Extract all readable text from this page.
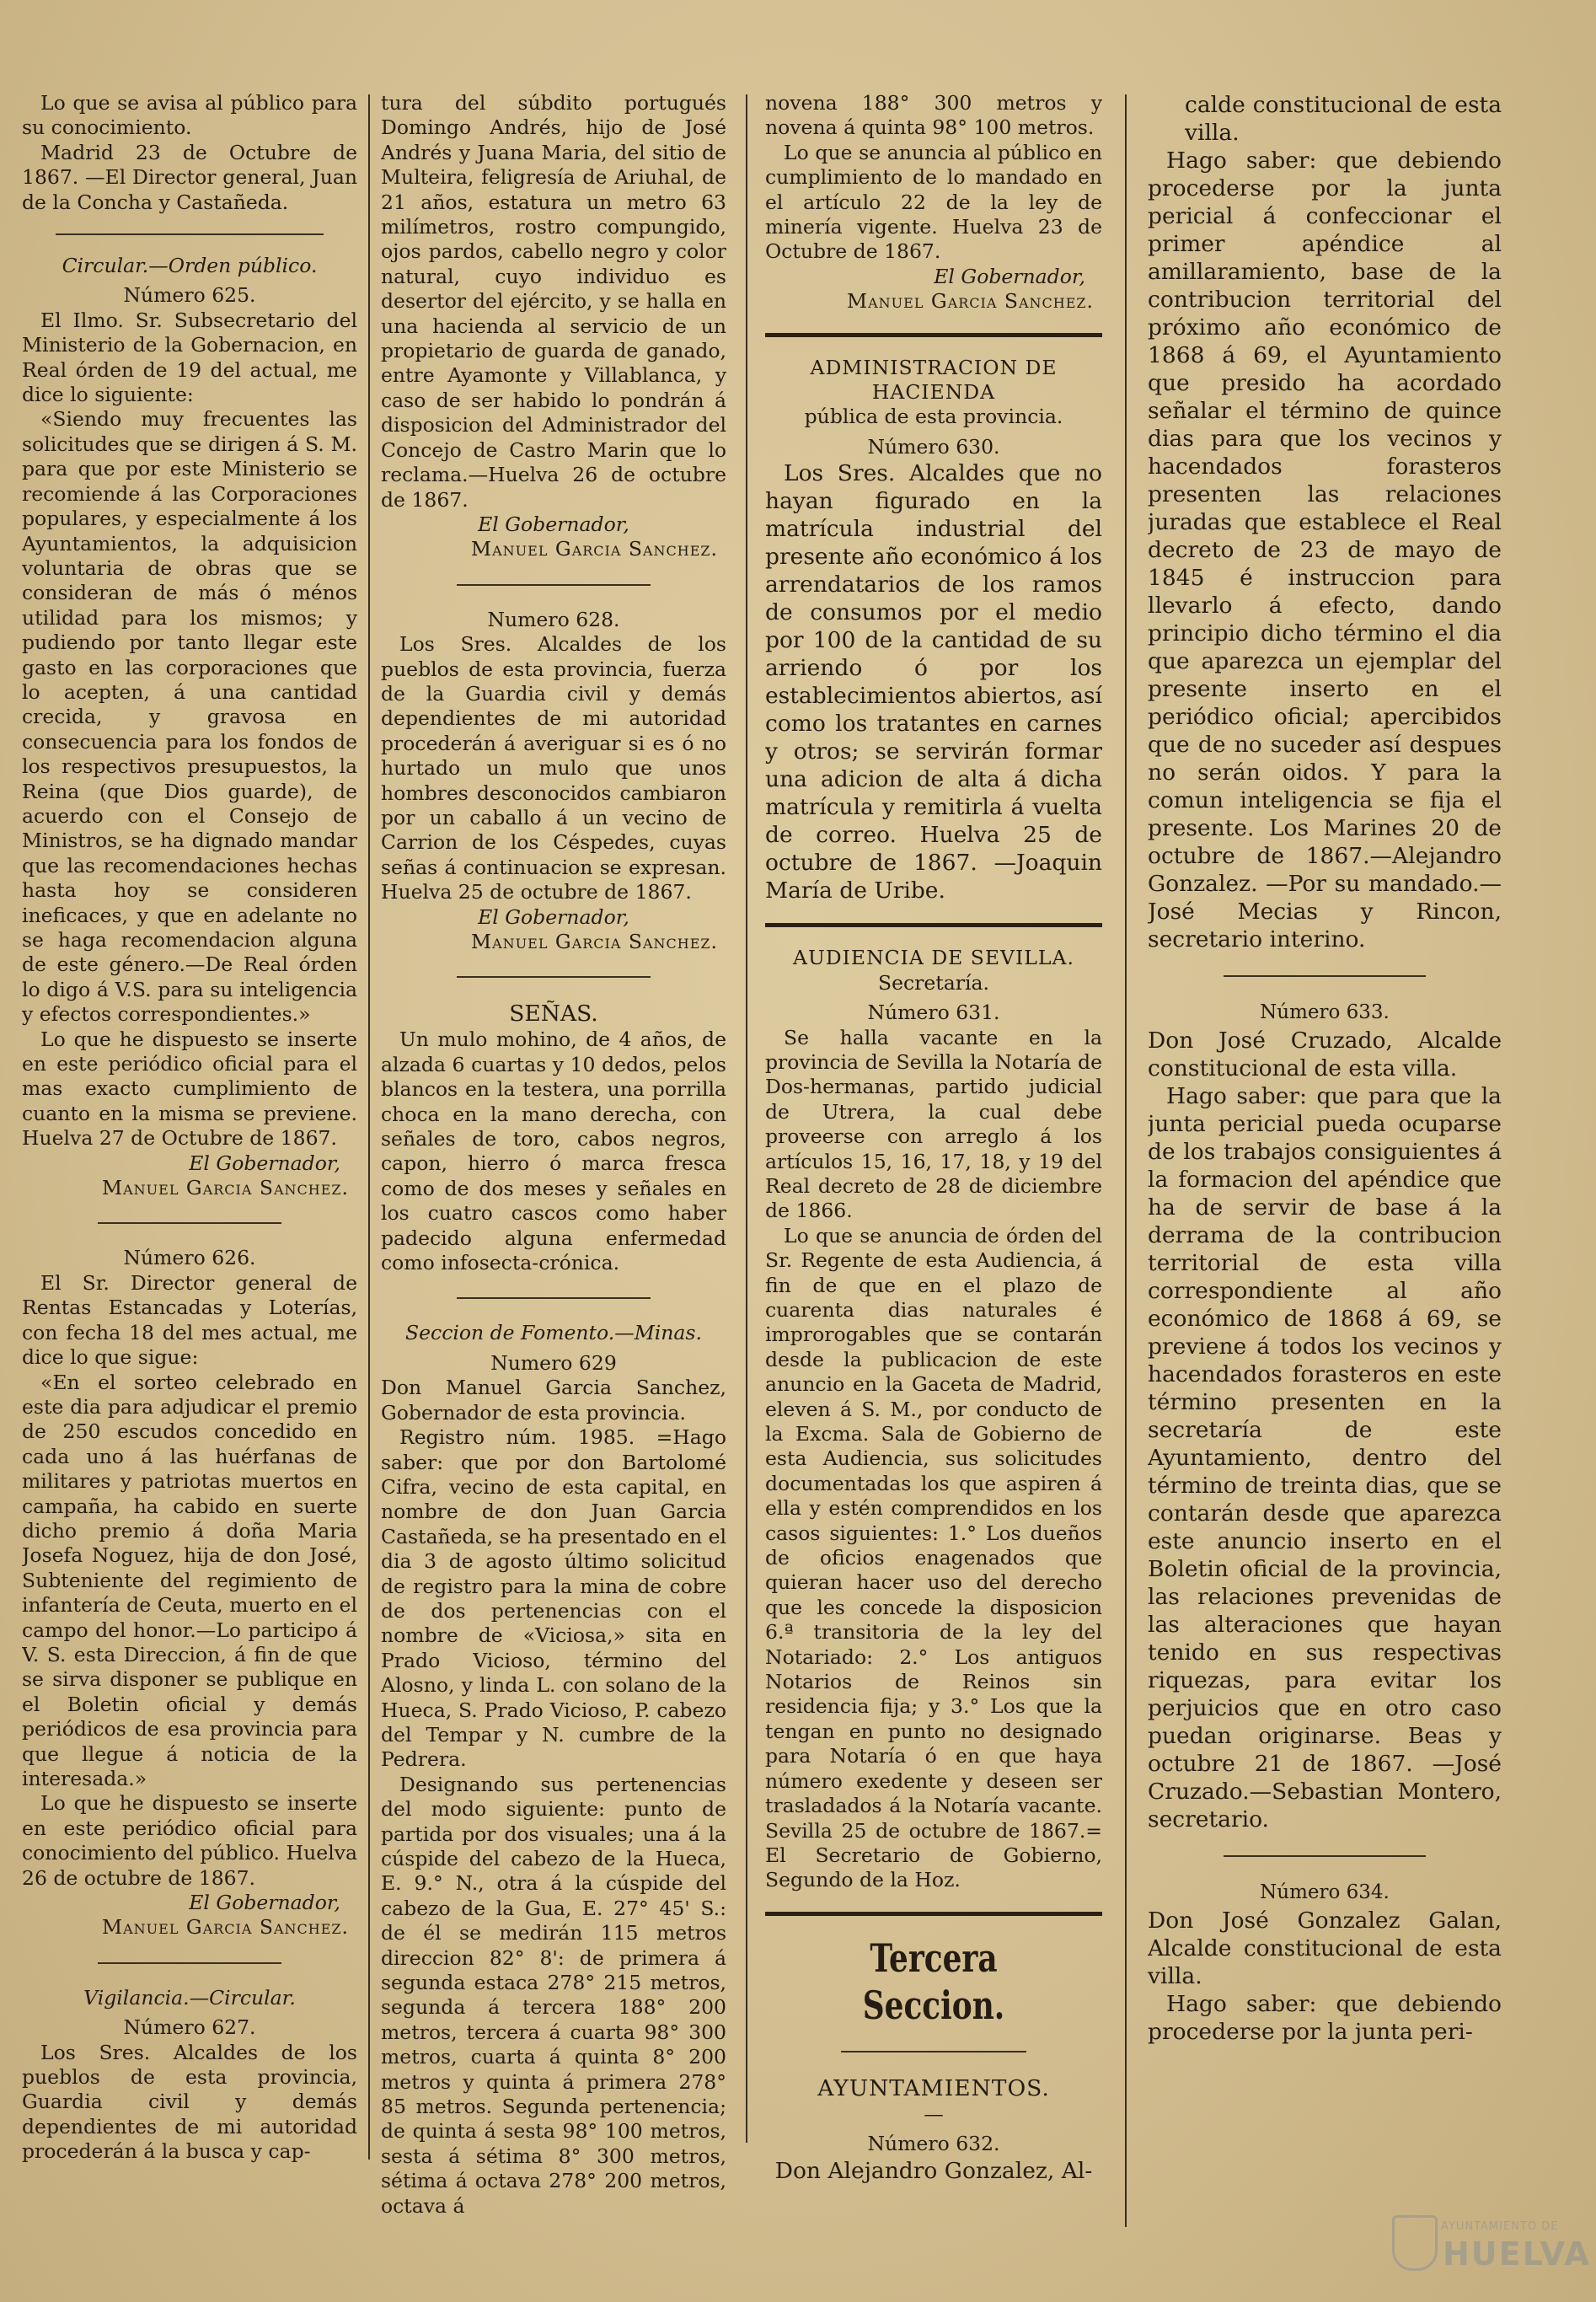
Lo que se avisa al público para su conocimiento.

Madrid 23 de Octubre de 1867. —El Director general, Juan de la Concha y Castañeda.

Circular.—Orden público.

Número 625.

El Ilmo. Sr. Subsecretario del Ministerio de la Gobernacion, en Real órden de 19 del actual, me dice lo siguiente:

«Siendo muy frecuentes las solicitudes que se dirigen á S. M. para que por este Ministerio se recomiende á las Corporaciones populares, y especialmente á los Ayuntamientos, la adquisicion voluntaria de obras que se consideran de más ó ménos utilidad para los mismos; y pudiendo por tanto llegar este gasto en las corporaciones que lo acepten, á una cantidad crecida, y gravosa en consecuencia para los fondos de los respectivos presupuestos, la Reina (que Dios guarde), de acuerdo con el Consejo de Ministros, se ha dignado mandar que las recomendaciones hechas hasta hoy se consideren ineficaces, y que en adelante no se haga recomendacion alguna de este género.—De Real órden lo digo á V.S. para su inteligencia y efectos correspondientes.»

Lo que he dispuesto se inserte en este periódico oficial para el mas exacto cumplimiento de cuanto en la misma se previene. Huelva 27 de Octubre de 1867.

El Gobernador,

Manuel Garcia Sanchez.

Número 626.

El Sr. Director general de Rentas Estancadas y Loterías, con fecha 18 del mes actual, me dice lo que sigue:

«En el sorteo celebrado en este dia para adjudicar el premio de 250 escudos concedido en cada uno á las huérfanas de militares y patriotas muertos en campaña, ha cabido en suerte dicho premio á doña Maria Josefa Noguez, hija de don José, Subteniente del regimiento de infantería de Ceuta, muerto en el campo del honor.—Lo participo á V. S. esta Direccion, á fin de que se sirva disponer se publique en el Boletin oficial y demás periódicos de esa provincia para que llegue á noticia de la interesada.»

Lo que he dispuesto se inserte en este periódico oficial para conocimiento del público. Huelva 26 de octubre de 1867.

El Gobernador,

Manuel Garcia Sanchez.

Vigilancia.—Circular.

Número 627.

Los Sres. Alcaldes de los pueblos de esta provincia, Guardia civil y demás dependientes de mi autoridad procederán á la busca y cap-

tura del súbdito portugués Domingo Andrés, hijo de José Andrés y Juana Maria, del sitio de Multeira, feligresía de Ariuhal, de 21 años, estatura un metro 63 milímetros, rostro compungido, ojos pardos, cabello negro y color natural, cuyo individuo es desertor del ejército, y se halla en una hacienda al servicio de un propietario de guarda de ganado, entre Ayamonte y Villablanca, y caso de ser habido lo pondrán á disposicion del Administrador del Concejo de Castro Marin que lo reclama.—Huelva 26 de octubre de 1867.

El Gobernador,

Manuel Garcia Sanchez.

Numero 628.

Los Sres. Alcaldes de los pueblos de esta provincia, fuerza de la Guardia civil y demás dependientes de mi autoridad procederán á averiguar si es ó no hurtado un mulo que unos hombres desconocidos cambiaron por un caballo á un vecino de Carrion de los Céspedes, cuyas señas á continuacion se expresan. Huelva 25 de octubre de 1867.

El Gobernador,

Manuel Garcia Sanchez.

SEÑAS.

Un mulo mohino, de 4 años, de alzada 6 cuartas y 10 dedos, pelos blancos en la testera, una porrilla choca en la mano derecha, con señales de toro, cabos negros, capon, hierro ó marca fresca como de dos meses y señales en los cuatro cascos como haber padecido alguna enfermedad como infosecta-crónica.

Seccion de Fomento.—Minas.

Numero 629

Don Manuel Garcia Sanchez, Gobernador de esta provincia.

Registro núm. 1985. =Hago saber: que por don Bartolomé Cifra, vecino de esta capital, en nombre de don Juan Garcia Castañeda, se ha presentado en el dia 3 de agosto último solicitud de registro para la mina de cobre de dos pertenencias con el nombre de «Viciosa,» sita en Prado Vicioso, término del Alosno, y linda L. con solano de la Hueca, S. Prado Vicioso, P. cabezo del Tempar y N. cumbre de la Pedrera.

Designando sus pertenencias del modo siguiente: punto de partida por dos visuales; una á la cúspide del cabezo de la Hueca, E. 9.° N., otra á la cúspide del cabezo de la Gua, E. 27° 45' S.: de él se medirán 115 metros direccion 82° 8': de primera á segunda estaca 278° 215 metros, segunda á tercera 188° 200 metros, tercera á cuarta 98° 300 metros, cuarta á quinta 8° 200 metros y quinta á primera 278° 85 metros. Segunda pertenencia; de quinta á sesta 98° 100 metros, sesta á sétima 8° 300 metros, sétima á octava 278° 200 metros, octava á

novena 188° 300 metros y novena á quinta 98° 100 metros.

Lo que se anuncia al público en cumplimiento de lo mandado en el artículo 22 de la ley de minería vigente. Huelva 23 de Octubre de 1867.

El Gobernador,

Manuel Garcia Sanchez.

ADMINISTRACION DE HACIENDA

pública de esta provincia.

Número 630.

Los Sres. Alcaldes que no hayan figurado en la matrícula industrial del presente año económico á los arrendatarios de los ramos de consumos por el medio por 100 de la cantidad de su arriendo ó por los establecimientos abiertos, así como los tratantes en carnes y otros; se servirán formar una adicion de alta á dicha matrícula y remitirla á vuelta de correo. Huelva 25 de octubre de 1867. —Joaquin María de Uribe.

AUDIENCIA DE SEVILLA.

Secretaría.

Número 631.

Se halla vacante en la provincia de Sevilla la Notaría de Dos-hermanas, partido judicial de Utrera, la cual debe proveerse con arreglo á los artículos 15, 16, 17, 18, y 19 del Real decreto de 28 de diciembre de 1866.

Lo que se anuncia de órden del Sr. Regente de esta Audiencia, á fin de que en el plazo de cuarenta dias naturales é improrogables que se contarán desde la publicacion de este anuncio en la Gaceta de Madrid, eleven á S. M., por conducto de la Excma. Sala de Gobierno de esta Audiencia, sus solicitudes documentadas los que aspiren á ella y estén comprendidos en los casos siguientes: 1.° Los dueños de oficios enagenados que quieran hacer uso del derecho que les concede la disposicion 6.ª transitoria de la ley del Notariado: 2.° Los antiguos Notarios de Reinos sin residencia fija; y 3.° Los que la tengan en punto no designado para Notaría ó en que haya número exedente y deseen ser trasladados á la Notaría vacante. Sevilla 25 de octubre de 1867.= El Secretario de Gobierno, Segundo de la Hoz.

Tercera Seccion.

AYUNTAMIENTOS.

—

Número 632.

Don Alejandro Gonzalez, Al-

calde constitucional de esta villa.

Hago saber: que debiendo procederse por la junta pericial á confeccionar el primer apéndice al amillaramiento, base de la contribucion territorial del próximo año económico de 1868 á 69, el Ayuntamiento que presido ha acordado señalar el término de quince dias para que los vecinos y hacendados forasteros presenten las relaciones juradas que establece el Real decreto de 23 de mayo de 1845 é instruccion para llevarlo á efecto, dando principio dicho término el dia que aparezca un ejemplar del presente inserto en el periódico oficial; apercibidos que de no suceder así despues no serán oidos. Y para la comun inteligencia se fija el presente. Los Marines 20 de octubre de 1867.—Alejandro Gonzalez. —Por su mandado.—José Mecias y Rincon, secretario interino.

Número 633.

Don José Cruzado, Alcalde constitucional de esta villa.

Hago saber: que para que la junta pericial pueda ocuparse de los trabajos consiguientes á la formacion del apéndice que ha de servir de base á la derrama de la contribucion territorial de esta villa correspondiente al año económico de 1868 á 69, se previene á todos los vecinos y hacendados forasteros en este término presenten en la secretaría de este Ayuntamiento, dentro del término de treinta dias, que se contarán desde que aparezca este anuncio inserto en el Boletin oficial de la provincia, las relaciones prevenidas de las alteraciones que hayan tenido en sus respectivas riquezas, para evitar los perjuicios que en otro caso puedan originarse. Beas y octubre 21 de 1867. —José Cruzado.—Sebastian Montero, secretario.

Número 634.

Don José Gonzalez Galan, Alcalde constitucional de esta villa.

Hago saber: que debiendo procederse por la junta peri-

AYUNTAMIENTO DE
HUELVA
